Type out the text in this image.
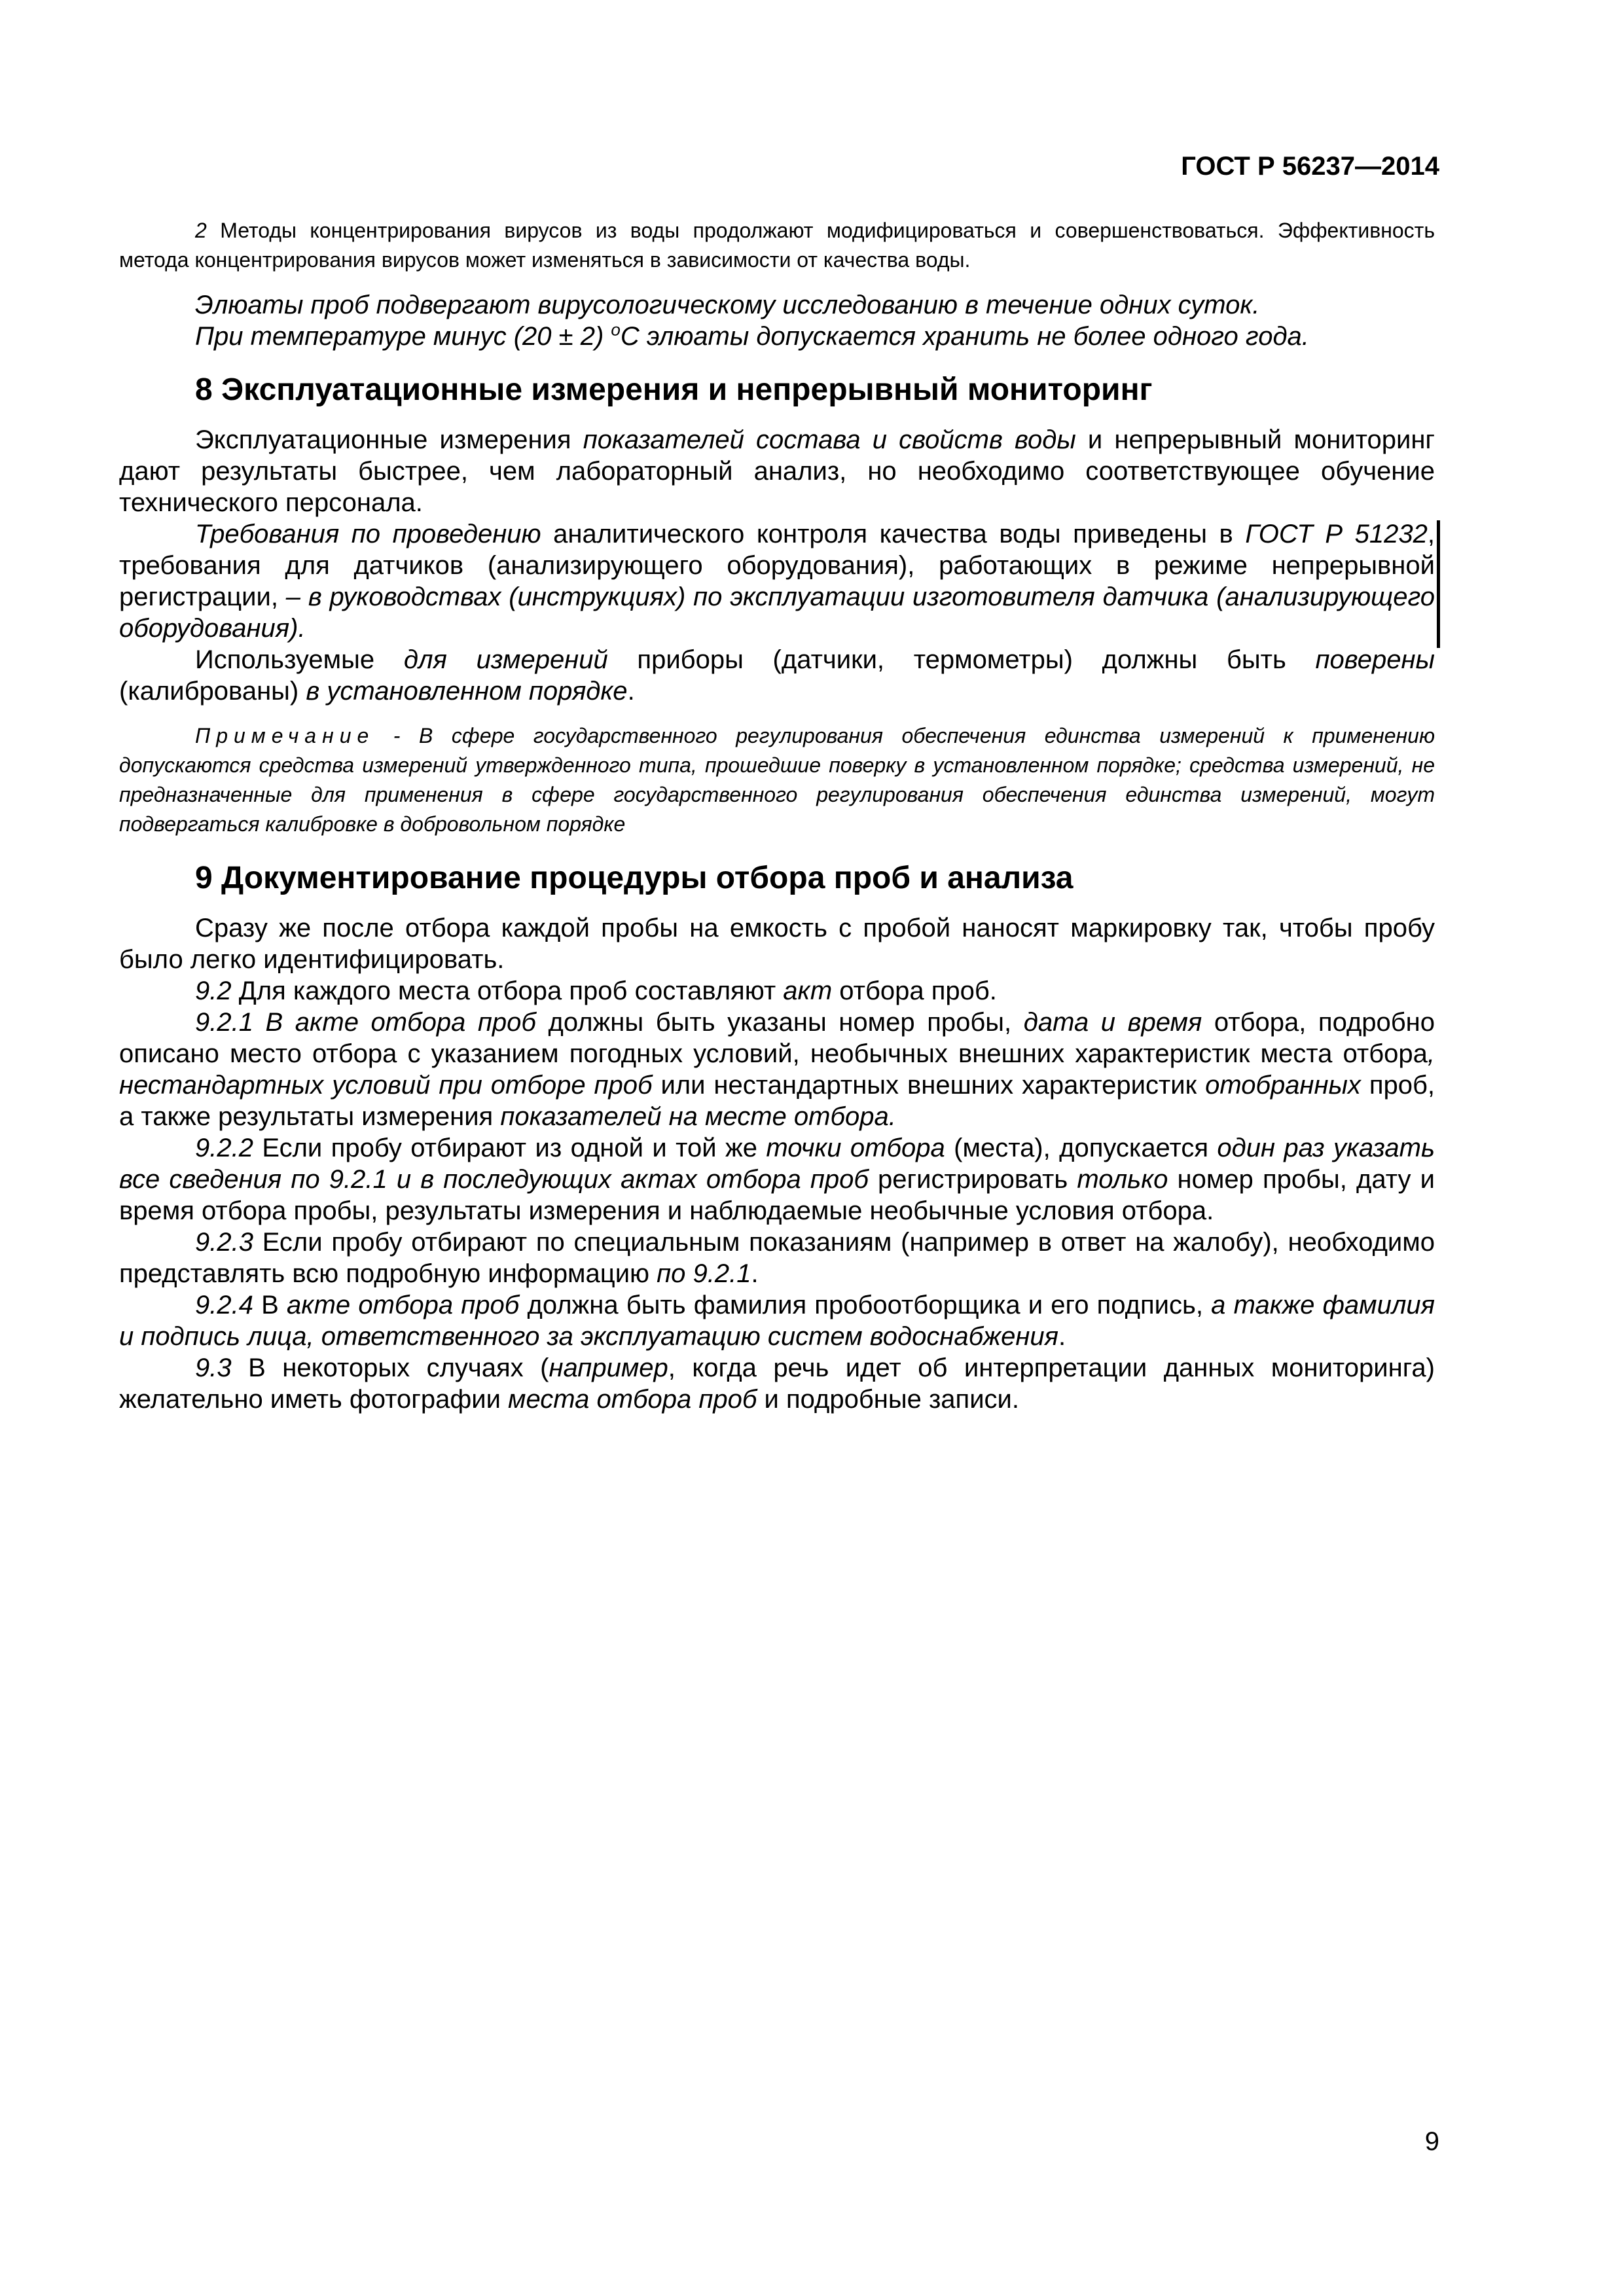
ГОСТ Р 56237—2014

2 Методы концентрирования вирусов из воды продолжают модифицироваться и совершенствоваться. Эффективность метода концентрирования вирусов может изменяться в зависимости от качества воды.

Элюаты проб подвергают вирусологическому исследованию в течение одних суток.

При температуре минус (20 ± 2) $^о$С элюаты допускается хранить не более одного года.

8 Эксплуатационные измерения и непрерывный мониторинг

Эксплуатационные измерения показателей состава и свойств воды и непрерывный мониторинг дают результаты быстрее, чем лабораторный анализ, но необходимо соответствующее обучение технического персонала.

Требования по проведению аналитического контроля качества воды приведены в ГОСТ Р 51232, требования для датчиков (анализирующего оборудования), работающих в режиме непрерывной регистрации, – в руководствах (инструкциях) по эксплуатации изготовителя датчика (анализирующего оборудования).

Используемые для измерений приборы (датчики, термометры) должны быть поверены (калиброваны) в установленном порядке.

Примечание - В сфере государственного регулирования обеспечения единства измерений к применению допускаются средства измерений утвержденного типа, прошедшие поверку в установленном порядке; средства измерений, не предназначенные для применения в сфере государственного регулирования обеспечения единства измерений, могут подвергаться калибровке в добровольном порядке

9 Документирование процедуры отбора проб и анализа

Сразу же после отбора каждой пробы на емкость с пробой наносят маркировку так, чтобы пробу было легко идентифицировать.

9.2 Для каждого места отбора проб составляют акт отбора проб.

9.2.1 В акте отбора проб должны быть указаны номер пробы, дата и время отбора, подробно описано место отбора с указанием погодных условий, необычных внешних характеристик места отбора, нестандартных условий при отборе проб или нестандартных внешних характеристик отобранных проб, а также результаты измерения показателей на месте отбора.

9.2.2 Если пробу отбирают из одной и той же точки отбора (места), допускается один раз указать все сведения по 9.2.1 и в последующих актах отбора проб регистрировать только номер пробы, дату и время отбора пробы, результаты измерения и наблюдаемые необычные условия отбора.

9.2.3 Если пробу отбирают по специальным показаниям (например в ответ на жалобу), необходимо представлять всю подробную информацию по 9.2.1.

9.2.4 В акте отбора проб должна быть фамилия пробоотборщика и его подпись, а также фамилия и подпись лица, ответственного за эксплуатацию систем водоснабжения.

9.3 В некоторых случаях (например, когда речь идет об интерпретации данных мониторинга) желательно иметь фотографии места отбора проб и подробные записи.

9
